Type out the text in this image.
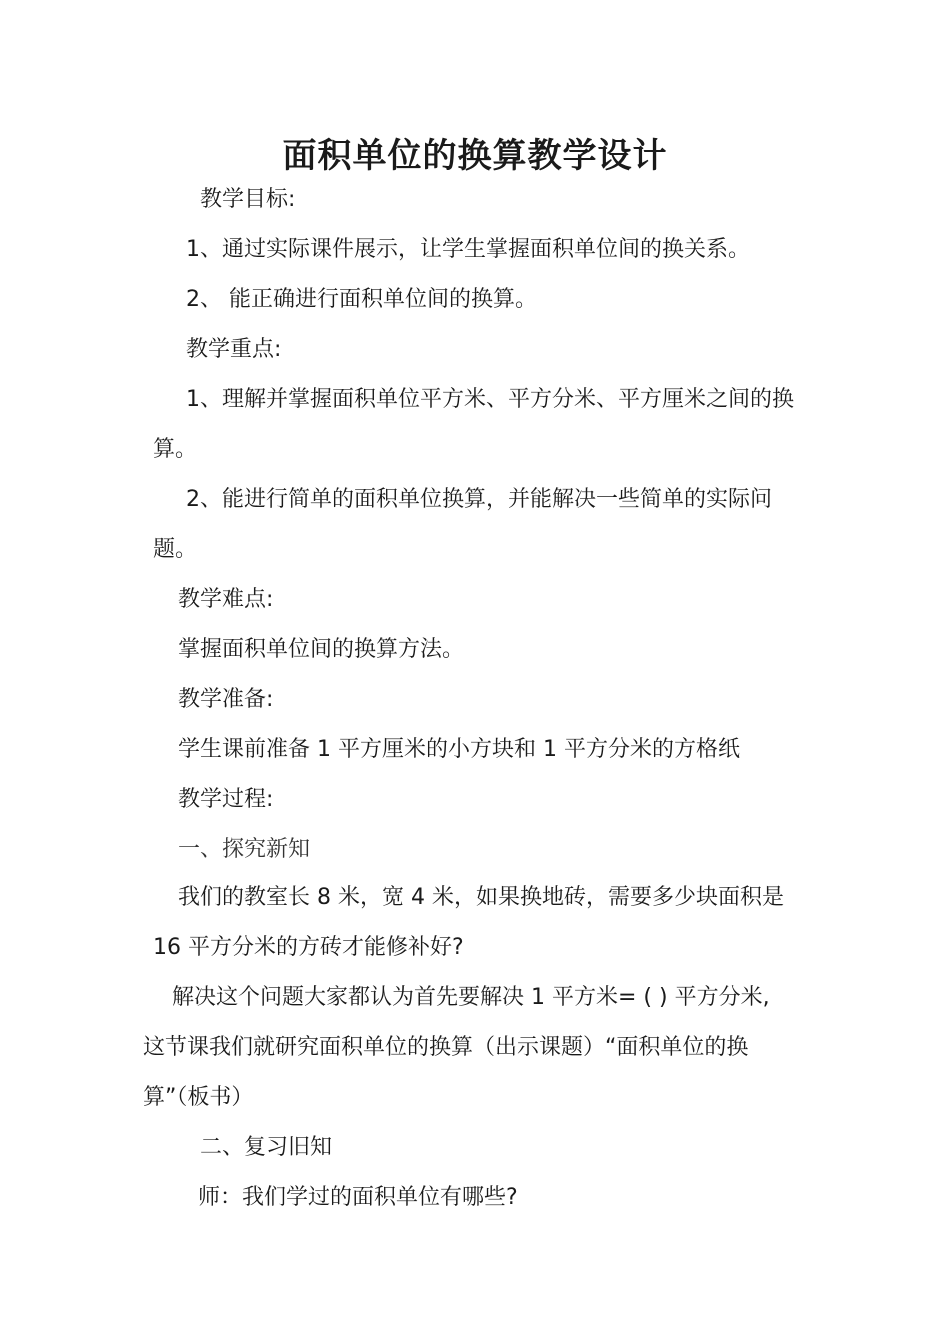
面积单位的换算教学设计
教学目标:
1、通过实际课件展示，让学生掌握面积单位间的换关系。
2、 能正确进行面积单位间的换算。
教学重点:
1、理解并掌握面积单位平方米、平方分米、平方厘米之间的换
算。
2、能进行简单的面积单位换算，并能解决一些简单的实际问
题。
教学难点:
掌握面积单位间的换算方法。
教学准备:
学生课前准备 1 平方厘米的小方块和 1 平方分米的方格纸
教学过程:
一、探究新知
我们的教室长 8 米，宽 4 米，如果换地砖，需要多少块面积是
16 平方分米的方砖才能修补好?
解决这个问题大家都认为首先要解决 1 平方米= ( ) 平方分米,
这节课我们就研究面积单位的换算（出示课题）“面积单位的换
算”（板书）
二、复习旧知
师：我们学过的面积单位有哪些?
